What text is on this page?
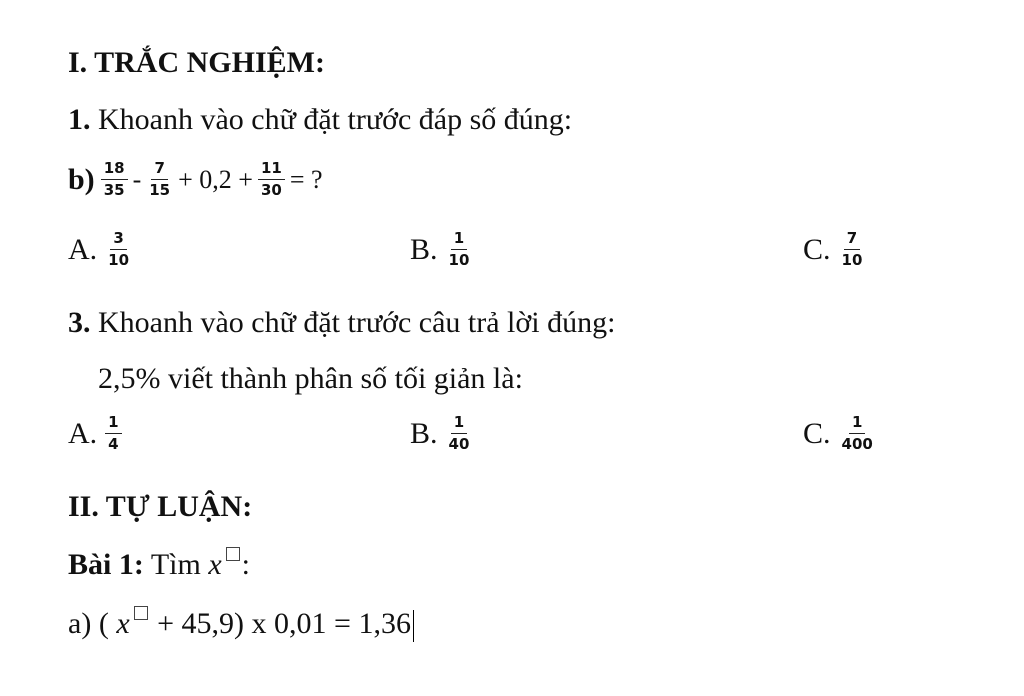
I. TRẮC NGHIỆM:
1. Khoanh vào chữ đặt trước đáp số đúng:
$b) \frac{18}{35} - \frac{7}{15} + 0,2 + \frac{11}{30}$ = ?
A. $\frac{3}{10}$	B. $\frac{1}{10}$	C. $\frac{7}{10}$
3. Khoanh vào chữ đặt trước câu trả lời đúng:
2,5% viết thành phân số tối giản là:
A. $\frac{1}{4}$	B. $\frac{1}{40}$	C. $\frac{1}{400}$
II. TỰ LUẬN:
Bài 1: Tìm x :
a) ( x + 45,9) x 0,01 = 1,36
